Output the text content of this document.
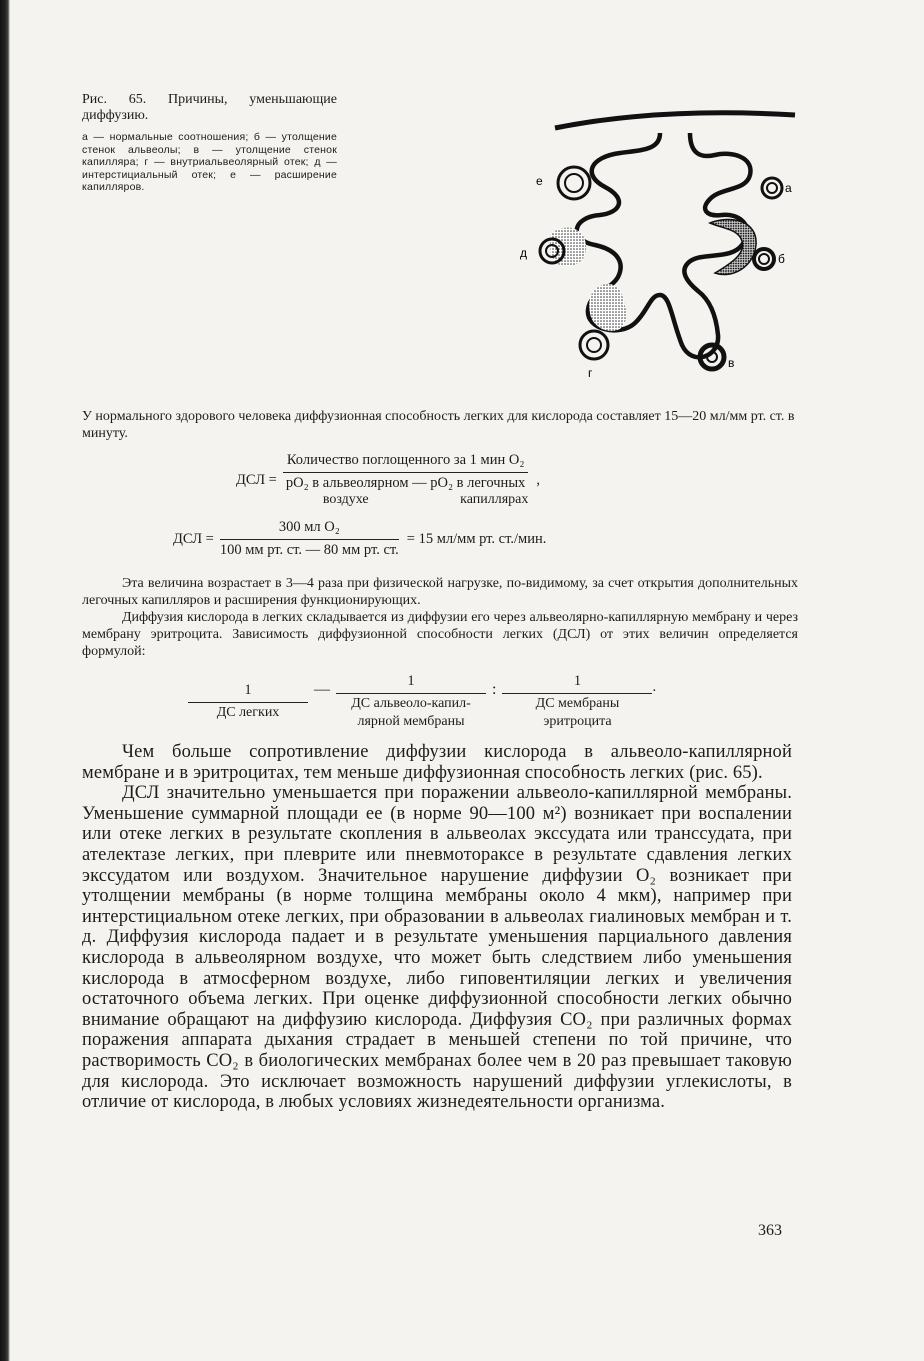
Рис. 65. Причины, уменьшающие диффузию.
а — нормальные соотношения; б — утолщение стенок альвеолы; в — утолщение стенок капилляра; г — внутриальвеолярный отек; д — интерстициальный отек; е — расширение капилляров.	а
б
в
г
д
е
У нормального здорового человека диффузионная способность легких для кислорода составляет 15—20 мл/мм рт. ст. в минуту.
ДСЛ =
Количество поглощенного за 1 мин O₂
pO₂ в альвеолярном — pO₂ в легочных
воздухе	капиллярах
,
ДСЛ = $\frac{\text{300 мл O₂}}{\text{100 мм рт. ст. — 80 мм рт. ст.}} = 15$ мл/мм рт. ст./мин.
Эта величина возрастает в 3—4 раза при физической нагрузке, по-видимому, за счет открытия дополнительных легочных капилляров и расширения функционирующих.
Диффузия кислорода в легких складывается из диффузии его через альвеолярно-капиллярную мембрану и через мембрану эритроцита. Зависимость диффузионной способности легких (ДСЛ) от этих величин определяется формулой:
1
ДС легких
—	1
ДС альвеоло-капил-
лярной мембраны
:	1
ДС мембраны
эритроцита
.

Чем больше сопротивление диффузии кислорода в альвеоло-капиллярной мембране и в эритроцитах, тем меньше диффузионная способность легких (рис. 65).

ДСЛ значительно уменьшается при поражении альвеоло-капиллярной мембраны. Уменьшение суммарной площади ее (в норме 90—100 м²) возникает при воспалении или отеке легких в результате скопления в альвеолах экссудата или транссудата, при ателектазе легких, при плеврите или пневмотораксе в результате сдавления легких экссудатом или воздухом. Значительное нарушение диффузии O₂ возникает при утолщении мембраны (в норме толщина мембраны около 4 мкм), например при интерстициальном отеке легких, при образовании в альвеолах гиалиновых мембран и т. д. Диффузия кислорода падает и в результате уменьшения парциального давления кислорода в альвеолярном воздухе, что может быть следствием либо уменьшения кислорода в атмосферном воздухе, либо гиповентиляции легких и увеличения остаточного объема легких. При оценке диффузионной способности легких обычно внимание обращают на диффузию кислорода. Диффузия CO₂ при различных формах поражения аппарата дыхания страдает в меньшей степени по той причине, что растворимость CO₂ в биологических мембранах более чем в 20 раз превышает таковую для кислорода. Это исключает возможность нарушений диффузии углекислоты, в отличие от кислорода, в любых условиях жизнедеятельности организма.

363
